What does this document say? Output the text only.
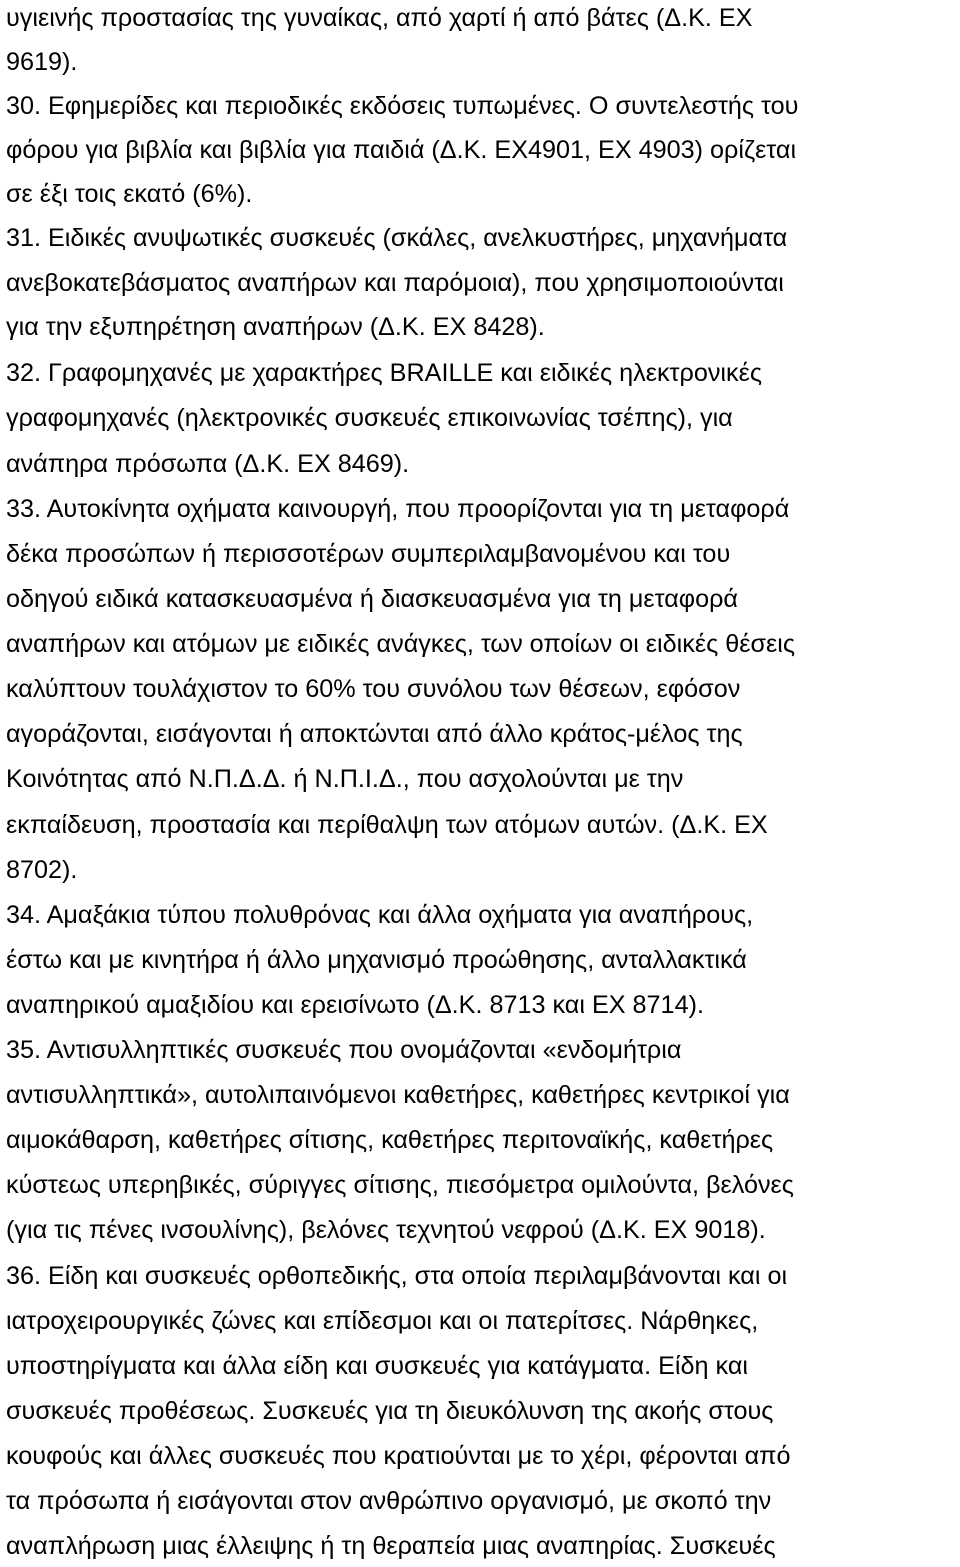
υγιεινής προστασίας της γυναίκας, από χαρτί ή από βάτες (Δ.Κ. ΕΧ
9619).
30. Εφημερίδες και περιοδικές εκδόσεις τυπωμένες. Ο συντελεστής του
φόρου για βιβλία και βιβλία για παιδιά (Δ.Κ. ΕΧ4901, ΕΧ 4903) ορίζεται
σε έξι τοις εκατό (6%).
31. Ειδικές ανυψωτικές συσκευές (σκάλες, ανελκυστήρες, μηχανήματα
ανεβοκατεβάσματος αναπήρων και παρόμοια), που χρησιμοποιούνται
για την εξυπηρέτηση αναπήρων (Δ.Κ. ΕΧ 8428).
32. Γραφομηχανές με χαρακτήρες BRAILLE και ειδικές ηλεκτρονικές
γραφομηχανές (ηλεκτρονικές συσκευές επικοινωνίας τσέπης), για
ανάπηρα πρόσωπα (Δ.Κ. ΕΧ 8469).
33. Αυτοκίνητα οχήματα καινουργή, που προορίζονται για τη μεταφορά
δέκα προσώπων ή περισσοτέρων συμπεριλαμβανομένου και του
οδηγού ειδικά κατασκευασμένα ή διασκευασμένα για τη μεταφορά
αναπήρων και ατόμων με ειδικές ανάγκες, των οποίων οι ειδικές θέσεις
καλύπτουν τουλάχιστον το 60% του συνόλου των θέσεων, εφόσον
αγοράζονται, εισάγονται ή αποκτώνται από άλλο κράτος-μέλος της
Κοινότητας από Ν.Π.Δ.Δ. ή Ν.Π.Ι.Δ., που ασχολούνται με την
εκπαίδευση, προστασία και περίθαλψη των ατόμων αυτών. (Δ.Κ. ΕΧ
8702).
34. Αμαξάκια τύπου πολυθρόνας και άλλα οχήματα για αναπήρους,
έστω και με κινητήρα ή άλλο μηχανισμό προώθησης, ανταλλακτικά
αναπηρικού αμαξιδίου και ερεισίνωτο (Δ.Κ. 8713 και ΕΧ 8714).
35. Αντισυλληπτικές συσκευές που ονομάζονται «ενδομήτρια
αντισυλληπτικά», αυτολιπαινόμενοι καθετήρες, καθετήρες κεντρικοί για
αιμοκάθαρση, καθετήρες σίτισης, καθετήρες περιτοναϊκής, καθετήρες
κύστεως υπερηβικές, σύριγγες σίτισης, πιεσόμετρα ομιλούντα, βελόνες
(για τις πένες ινσουλίνης), βελόνες τεχνητού νεφρού (Δ.Κ. ΕΧ 9018).
36. Είδη και συσκευές ορθοπεδικής, στα οποία περιλαμβάνονται και οι
ιατροχειρουργικές ζώνες και επίδεσμοι και οι πατερίτσες. Νάρθηκες,
υποστηρίγματα και άλλα είδη και συσκευές για κατάγματα. Είδη και
συσκευές προθέσεως. Συσκευές για τη διευκόλυνση της ακοής στους
κουφούς και άλλες συσκευές που κρατιούνται με το χέρι, φέρονται από
τα πρόσωπα ή εισάγονται στον ανθρώπινο οργανισμό, με σκοπό την
αναπλήρωση μιας έλλειψης ή τη θεραπεία μιας αναπηρίας. Συσκευές
